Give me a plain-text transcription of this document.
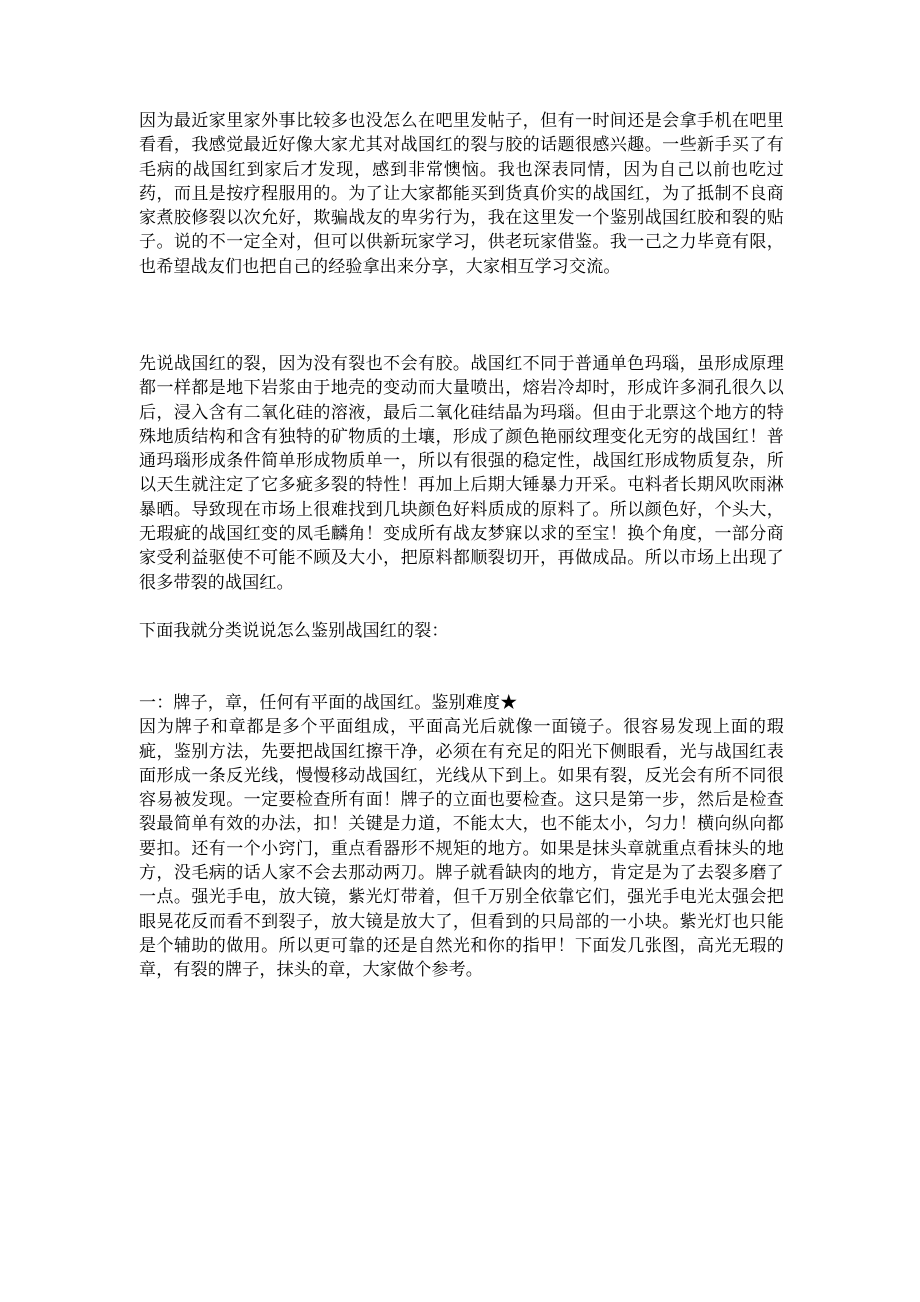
因为最近家里家外事比较多也没怎么在吧里发帖子，但有一时间还是会拿手机在吧里看看，我感觉最近好像大家尤其对战国红的裂与胶的话题很感兴趣。一些新手买了有毛病的战国红到家后才发现，感到非常懊恼。我也深表同情，因为自己以前也吃过药，而且是按疗程服用的。为了让大家都能买到货真价实的战国红，为了抵制不良商家煮胶修裂以次允好，欺骗战友的卑劣行为，我在这里发一个鉴别战国红胶和裂的贴子。说的不一定全对，但可以供新玩家学习，供老玩家借鉴。我一己之力毕竟有限，也希望战友们也把自己的经验拿出来分享，大家相互学习交流。

先说战国红的裂，因为没有裂也不会有胶。战国红不同于普通单色玛瑙，虽形成原理都一样都是地下岩浆由于地壳的变动而大量喷出，熔岩冷却时，形成许多洞孔很久以后，浸入含有二氧化硅的溶液，最后二氧化硅结晶为玛瑙。但由于北票这个地方的特殊地质结构和含有独特的矿物质的土壤，形成了颜色艳丽纹理变化无穷的战国红！普通玛瑙形成条件简单形成物质单一，所以有很强的稳定性，战国红形成物质复杂，所以天生就注定了它多疵多裂的特性！再加上后期大锤暴力开采。屯料者长期风吹雨淋暴晒。导致现在市场上很难找到几块颜色好料质成的原料了。所以颜色好，个头大，无瑕疵的战国红变的凤毛麟角！变成所有战友梦寐以求的至宝！换个角度，一部分商家受利益驱使不可能不顾及大小，把原料都顺裂切开，再做成品。所以市场上出现了很多带裂的战国红。

下面我就分类说说怎么鉴别战国红的裂：

一：牌子，章，任何有平面的战国红。鉴别难度★
因为牌子和章都是多个平面组成，平面高光后就像一面镜子。很容易发现上面的瑕疵，鉴别方法，先要把战国红擦干净，必须在有充足的阳光下侧眼看，光与战国红表面形成一条反光线，慢慢移动战国红，光线从下到上。如果有裂，反光会有所不同很容易被发现。一定要检查所有面！牌子的立面也要检查。这只是第一步，然后是检查裂最简单有效的办法，扣！关键是力道，不能太大，也不能太小，匀力！横向纵向都要扣。还有一个小窍门，重点看器形不规矩的地方。如果是抹头章就重点看抹头的地方，没毛病的话人家不会去那动两刀。牌子就看缺肉的地方，肯定是为了去裂多磨了一点。强光手电，放大镜，紫光灯带着，但千万别全依靠它们，强光手电光太强会把眼晃花反而看不到裂子，放大镜是放大了，但看到的只局部的一小块。紫光灯也只能是个辅助的做用。所以更可靠的还是自然光和你的指甲！下面发几张图，高光无瑕的章，有裂的牌子，抹头的章，大家做个参考。
